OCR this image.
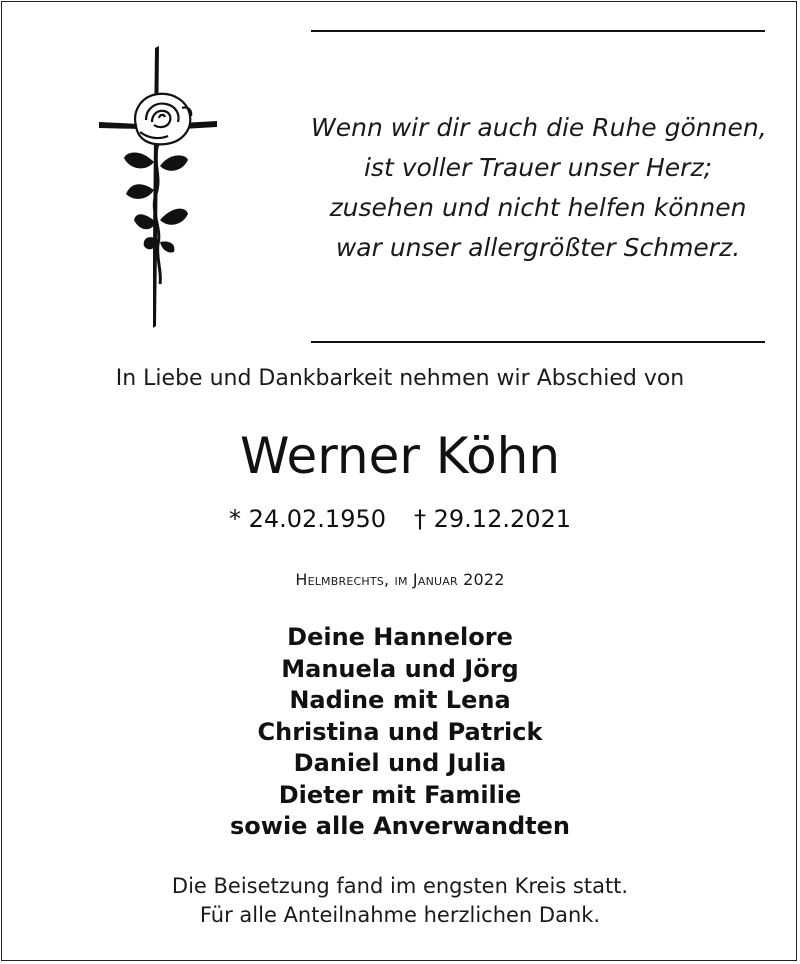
Wenn wir dir auch die Ruhe gönnen,
ist voller Trauer unser Herz;
zusehen und nicht helfen können
war unser allergrößter Schmerz.
In Liebe und Dankbarkeit nehmen wir Abschied von
Werner Köhn
* 24.02.1950 † 29.12.2021
Helmbrechts, im Januar 2022
Deine Hannelore
Manuela und Jörg
Nadine mit Lena
Christina und Patrick
Daniel und Julia
Dieter mit Familie
sowie alle Anverwandten
Die Beisetzung fand im engsten Kreis statt.
Für alle Anteilnahme herzlichen Dank.
